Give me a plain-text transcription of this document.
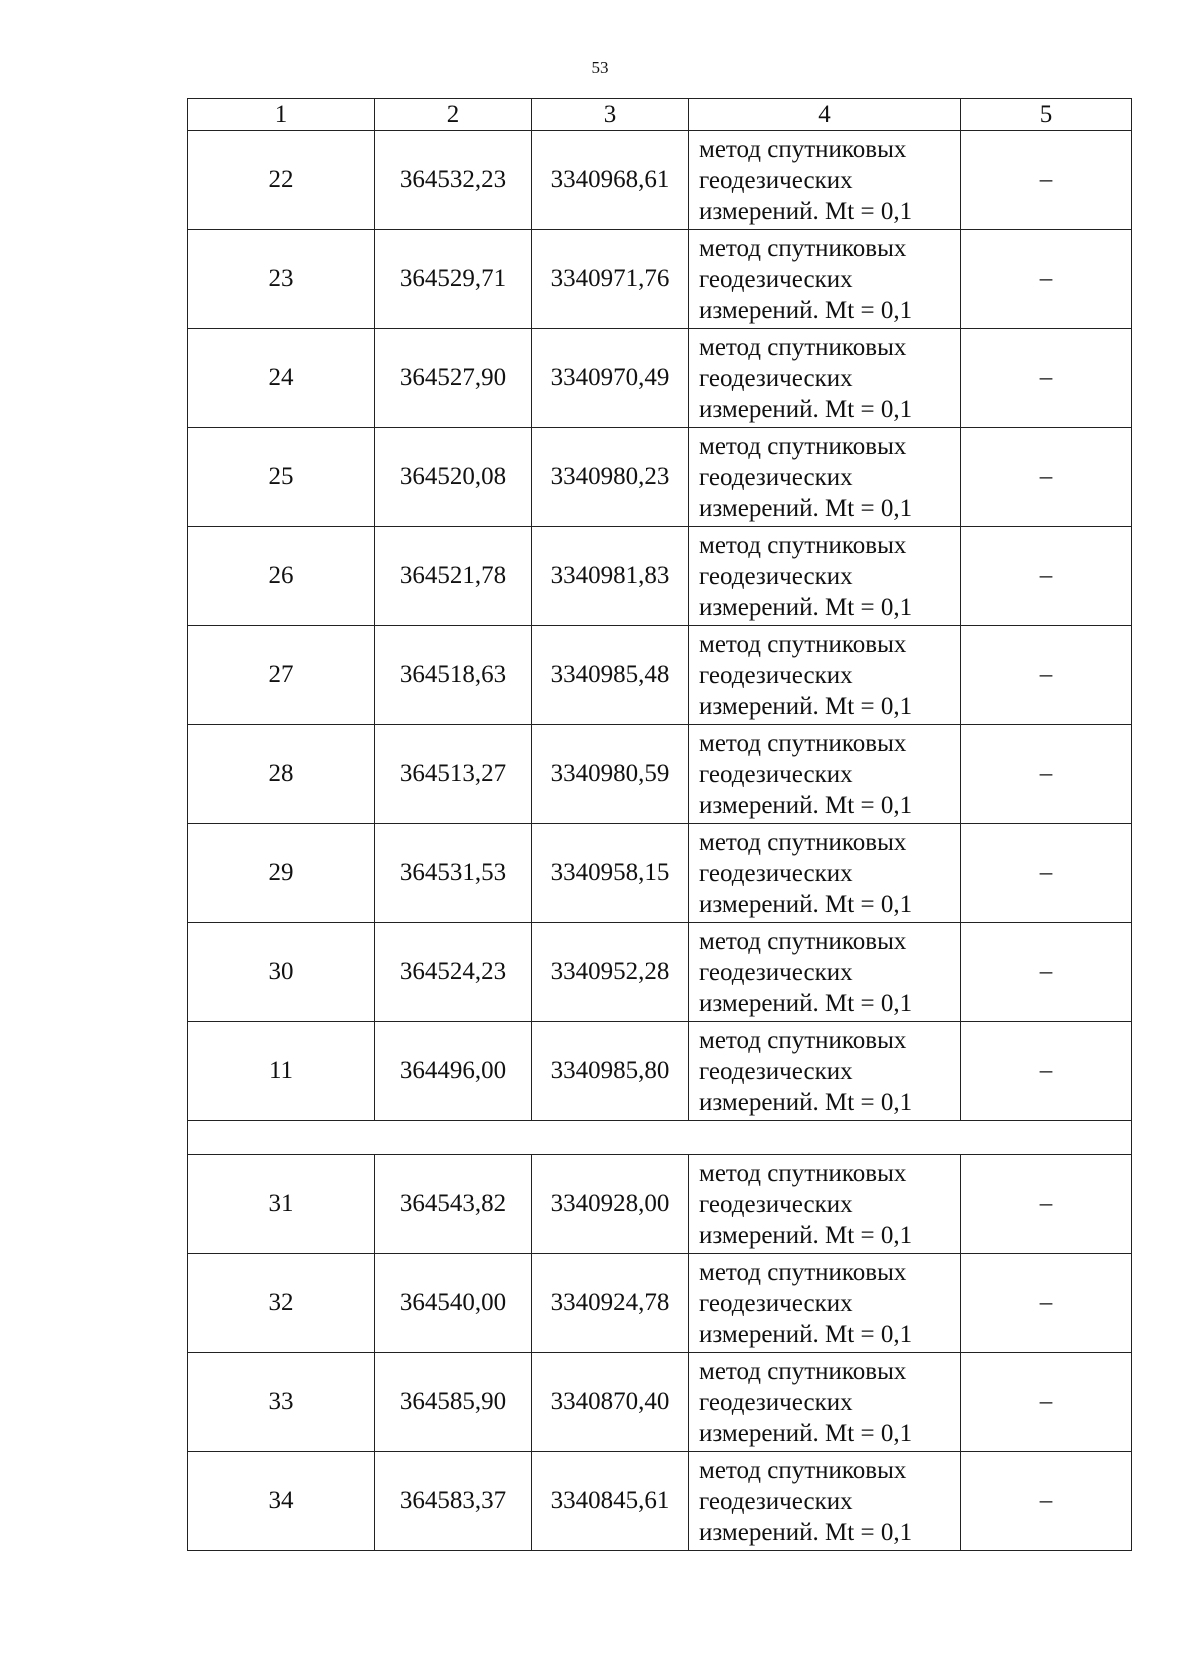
53
1	2	3	4	5
22	364532,23	3340968,61	метод спутниковых
геодезических
измерений. Mt = 0,1	–
23	364529,71	3340971,76	метод спутниковых
геодезических
измерений. Mt = 0,1	–
24	364527,90	3340970,49	метод спутниковых
геодезических
измерений. Mt = 0,1	–
25	364520,08	3340980,23	метод спутниковых
геодезических
измерений. Mt = 0,1	–
26	364521,78	3340981,83	метод спутниковых
геодезических
измерений. Mt = 0,1	–
27	364518,63	3340985,48	метод спутниковых
геодезических
измерений. Mt = 0,1	–
28	364513,27	3340980,59	метод спутниковых
геодезических
измерений. Mt = 0,1	–
29	364531,53	3340958,15	метод спутниковых
геодезических
измерений. Mt = 0,1	–
30	364524,23	3340952,28	метод спутниковых
геодезических
измерений. Mt = 0,1	–
11	364496,00	3340985,80	метод спутниковых
геодезических
измерений. Mt = 0,1	–

31	364543,82	3340928,00	метод спутниковых
геодезических
измерений. Mt = 0,1	–
32	364540,00	3340924,78	метод спутниковых
геодезических
измерений. Mt = 0,1	–
33	364585,90	3340870,40	метод спутниковых
геодезических
измерений. Mt = 0,1	–
34	364583,37	3340845,61	метод спутниковых
геодезических
измерений. Mt = 0,1	–
